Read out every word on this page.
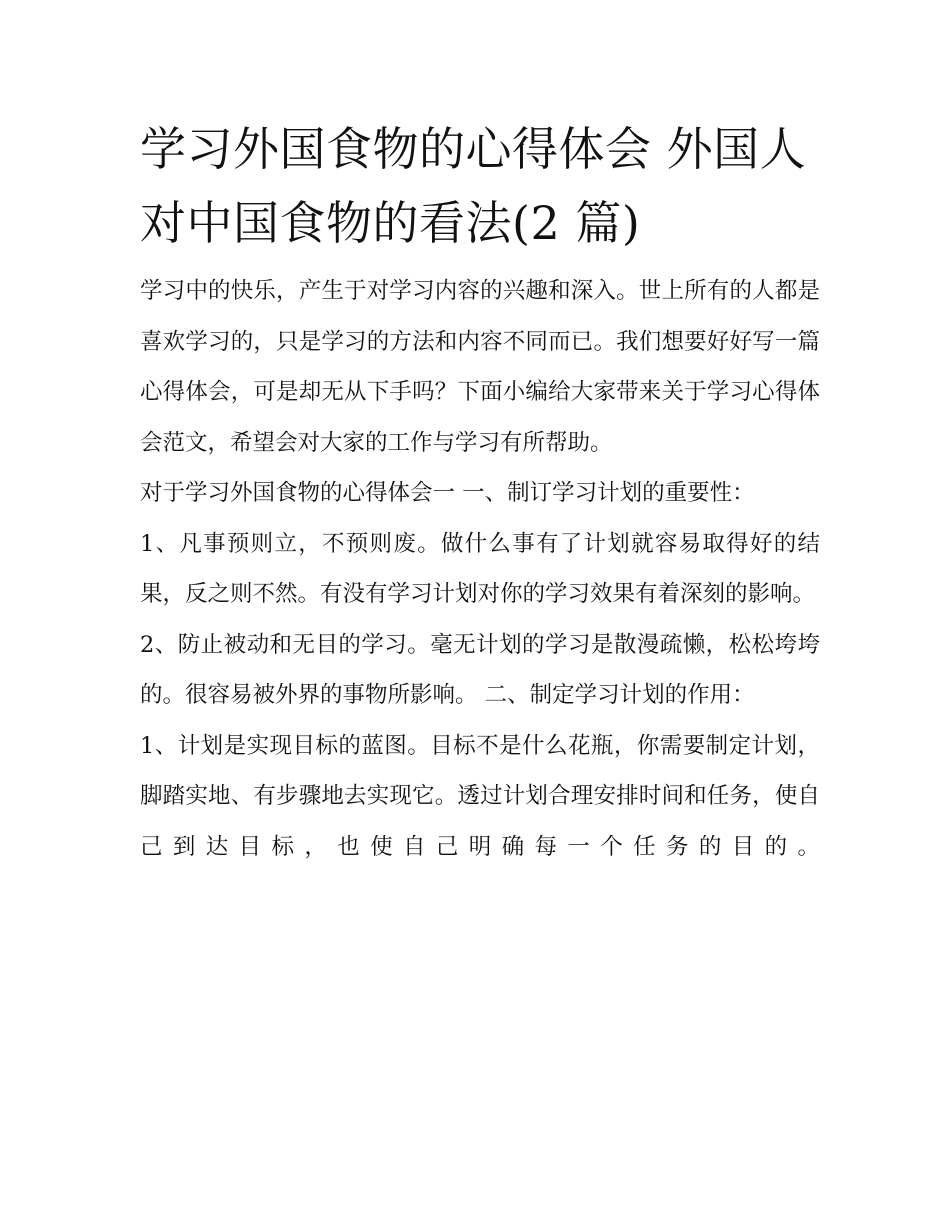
学习外国食物的心得体会 外国人对中国食物的看法(2 篇)

学习中的快乐，产生于对学习内容的兴趣和深入。世上所有的人都是喜欢学习的，只是学习的方法和内容不同而已。我们想要好好写一篇心得体会，可是却无从下手吗？下面小编给大家带来关于学习心得体会范文，希望会对大家的工作与学习有所帮助。

对于学习外国食物的心得体会一 一、制订学习计划的重要性：

1、凡事预则立，不预则废。做什么事有了计划就容易取得好的结果，反之则不然。有没有学习计划对你的学习效果有着深刻的影响。

2、防止被动和无目的学习。毫无计划的学习是散漫疏懒，松松垮垮的。很容易被外界的事物所影响。 二、制定学习计划的作用：

1、计划是实现目标的蓝图。目标不是什么花瓶，你需要制定计划，脚踏实地、有步骤地去实现它。透过计划合理安排时间和任务，使自己到达目标，也使自己明确每一个任务的目的。
